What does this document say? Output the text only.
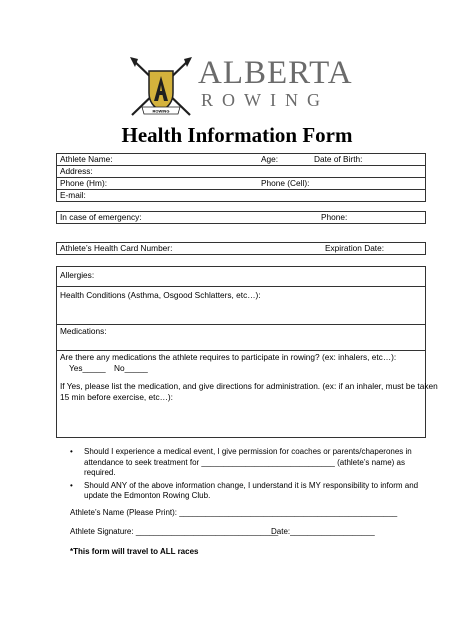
ROWING
ALBERTA
ROWING
Health Information Form
Athlete Name:	Age:	Date of Birth:
Address:
Phone (Hm):	Phone (Cell):
E-mail:
In case of emergency:	Phone:
Athlete’s Health Card Number:	Expiration Date:
Allergies:
Health Conditions (Asthma, Osgood Schlatters, etc…):
Medications:
Are there any medications the athlete requires to participate in rowing? (ex: inhalers, etc…):
Yes_____ No_____
If Yes, please list the medication, and give directions for administration. (ex: if an inhaler, must be taken
15 min before exercise, etc…):
• Should I experience a medical event, I give permission for coaches or parents/chaperones in
attendance to seek treatment for ______________________________ (athlete’s name) as
required.
• Should ANY of the above information change, I understand it is MY responsibility to inform and
update the Edmonton Rowing Club.
Athlete’s Name (Please Print): _________________________________________________
Athlete Signature: ________________________________
Date:___________________
*This form will travel to ALL races
